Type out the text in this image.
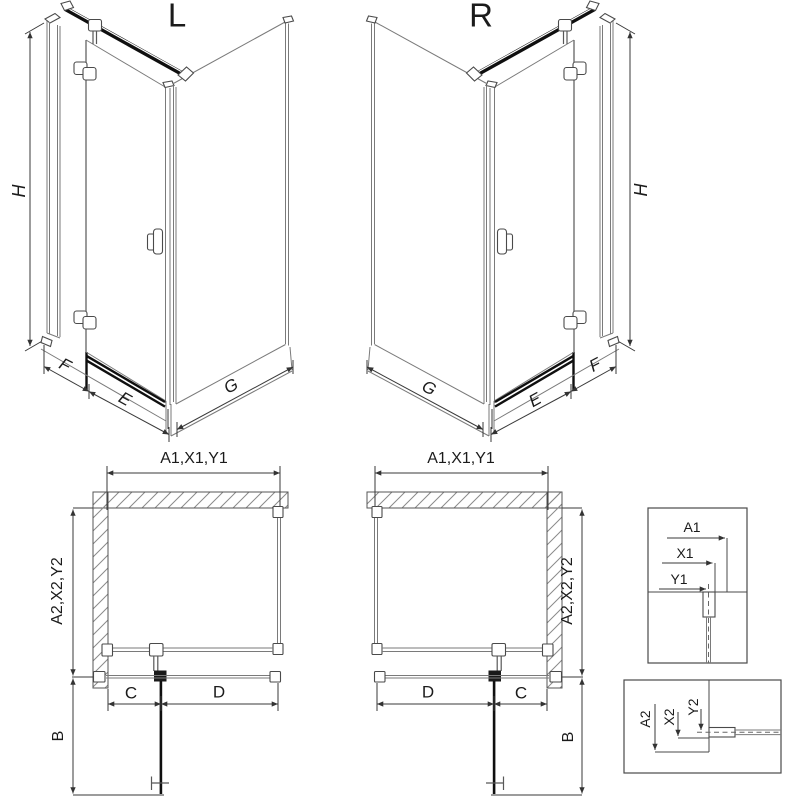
L	R
H	H
F
E
G	G
E
F
A1,X1,Y1	A1,X1,Y1
A2,X2,Y2	A2,X2,Y2
B	B
C	D	D	C
A1
X1
Y1
A2 X2
Y2
